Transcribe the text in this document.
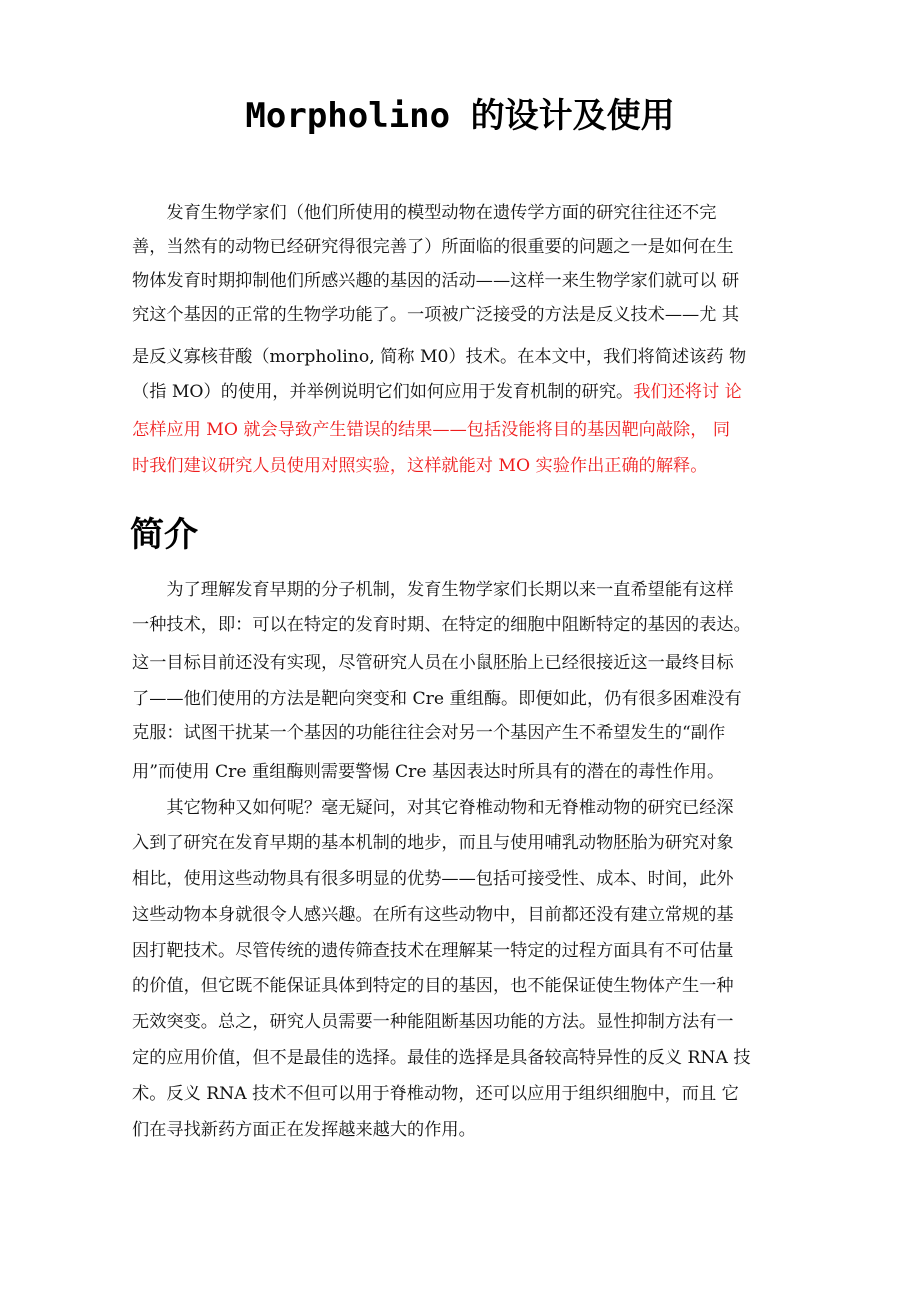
Morpholino 的设计及使用
　　发育生物学家们（他们所使用的模型动物在遗传学方面的研究往往还不完
善，当然有的动物已经研究得很完善了）所面临的很重要的问题之一是如何在生
物体发育时期抑制他们所感兴趣的基因的活动——这样一来生物学家们就可以 研
究这个基因的正常的生物学功能了。一项被广泛接受的方法是反义技术——尤 其
是反义寡核苷酸（morpholino, 简称 M0）技术。在本文中，我们将简述该药 物
（指 MO）的使用，并举例说明它们如何应用于发育机制的研究。我们还将讨 论
怎样应用 MO 就会导致产生错误的结果——包括没能将目的基因靶向敲除， 同
时我们建议研究人员使用对照实验，这样就能对 MO 实验作出正确的解释。
简介
　　为了理解发育早期的分子机制，发育生物学家们长期以来一直希望能有这样
一种技术，即：可以在特定的发育时期、在特定的细胞中阻断特定的基因的表达。
这一目标目前还没有实现，尽管研究人员在小鼠胚胎上已经很接近这一最终目标
了——他们使用的方法是靶向突变和 Cre 重组酶。即便如此，仍有很多困难没有
克服：试图干扰某一个基因的功能往往会对另一个基因产生不希望发生的“副作
用”而使用 Cre 重组酶则需要警惕 Cre 基因表达时所具有的潜在的毒性作用。
　　其它物种又如何呢？毫无疑问，对其它脊椎动物和无脊椎动物的研究已经深
入到了研究在发育早期的基本机制的地步，而且与使用哺乳动物胚胎为研究对象
相比，使用这些动物具有很多明显的优势——包括可接受性、成本、时间，此外
这些动物本身就很令人感兴趣。在所有这些动物中，目前都还没有建立常规的基
因打靶技术。尽管传统的遗传筛查技术在理解某一特定的过程方面具有不可估量
的价值，但它既不能保证具体到特定的目的基因，也不能保证使生物体产生一种
无效突变。总之，研究人员需要一种能阻断基因功能的方法。显性抑制方法有一
定的应用价值，但不是最佳的选择。最佳的选择是具备较高特异性的反义 RNA 技
术。反义 RNA 技术不但可以用于脊椎动物，还可以应用于组织细胞中，而且 它
们在寻找新药方面正在发挥越来越大的作用。
